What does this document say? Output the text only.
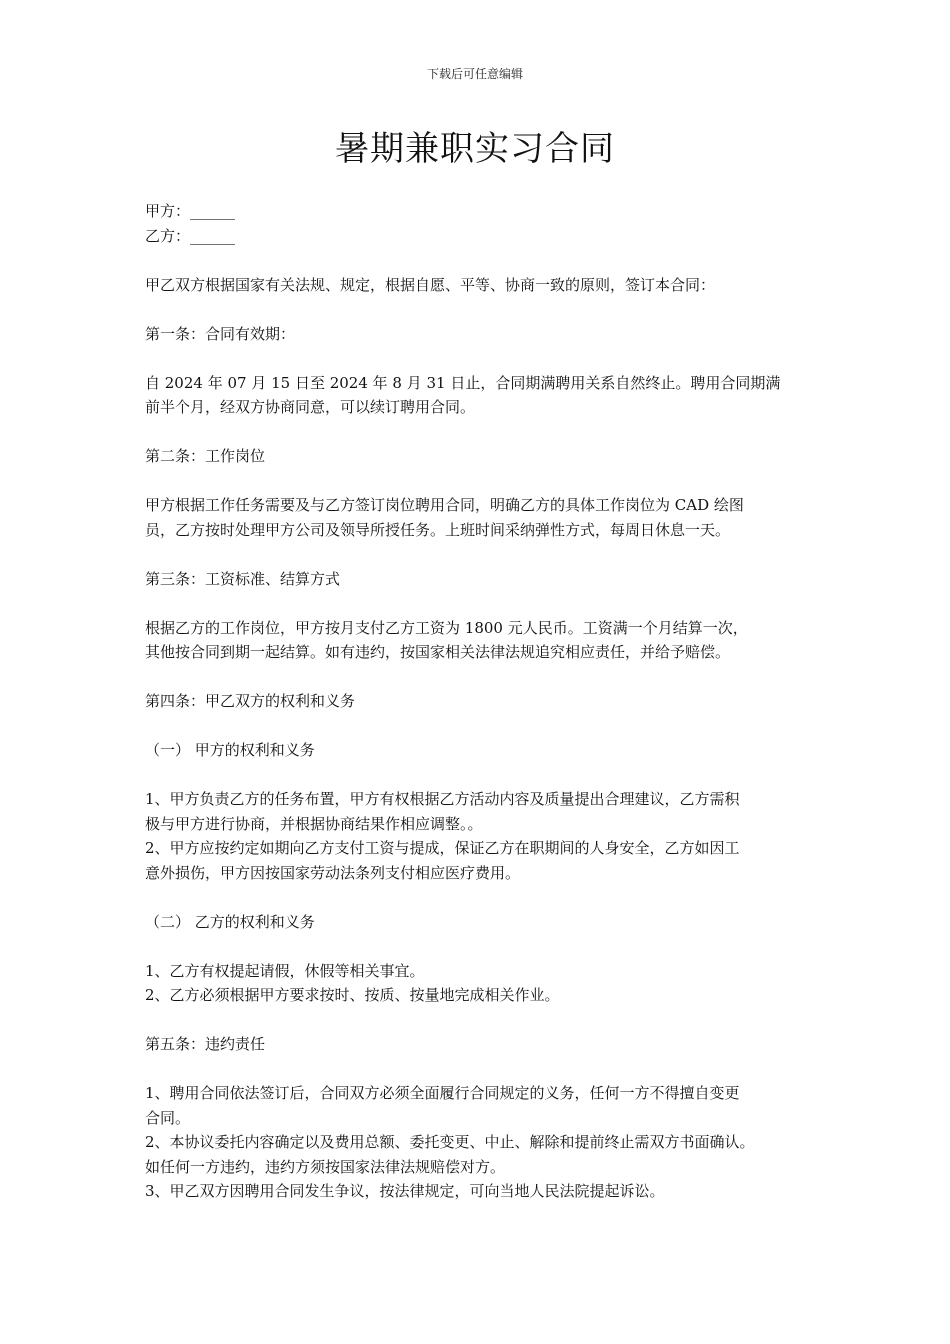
下载后可任意编辑
暑期兼职实习合同

甲方：______

乙方：______

甲乙双方根据国家有关法规、规定，根据自愿、平等、协商一致的原则，签订本合同：

第一条：合同有效期：

自 2024 年 07 月 15 日至 2024 年 8 月 31 日止，合同期满聘用关系自然终止。聘用合同期满

前半个月，经双方协商同意，可以续订聘用合同。

第二条：工作岗位

甲方根据工作任务需要及与乙方签订岗位聘用合同，明确乙方的具体工作岗位为 CAD 绘图

员，乙方按时处理甲方公司及领导所授任务。上班时间采纳弹性方式，每周日休息一天。

第三条：工资标准、结算方式

根据乙方的工作岗位，甲方按月支付乙方工资为 1800 元人民币。工资满一个月结算一次，

其他按合同到期一起结算。如有违约，按国家相关法律法规追究相应责任，并给予赔偿。

第四条：甲乙双方的权利和义务

（一） 甲方的权利和义务

1、甲方负责乙方的任务布置，甲方有权根据乙方活动内容及质量提出合理建议，乙方需积

极与甲方进行协商，并根据协商结果作相应调整。。

2、甲方应按约定如期向乙方支付工资与提成，保证乙方在职期间的人身安全，乙方如因工

意外损伤，甲方因按国家劳动法条列支付相应医疗费用。

（二） 乙方的权利和义务

1、乙方有权提起请假，休假等相关事宜。

2、乙方必须根据甲方要求按时、按质、按量地完成相关作业。

第五条：违约责任

1、聘用合同依法签订后，合同双方必须全面履行合同规定的义务，任何一方不得擅自变更

合同。

2、本协议委托内容确定以及费用总额、委托变更、中止、解除和提前终止需双方书面确认。

如任何一方违约，违约方须按国家法律法规赔偿对方。

3、甲乙双方因聘用合同发生争议，按法律规定，可向当地人民法院提起诉讼。
